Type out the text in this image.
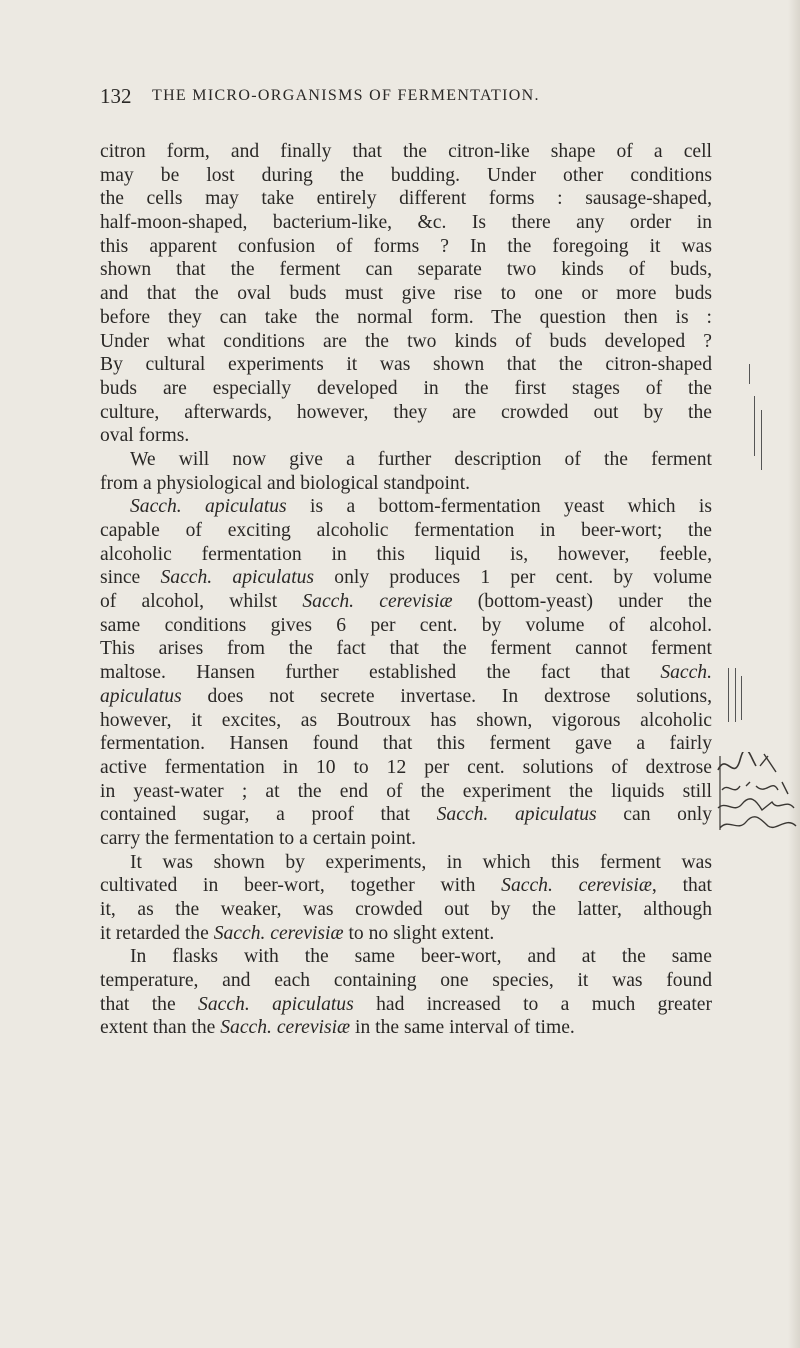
132 THE MICRO-ORGANISMS OF FERMENTATION.
citron form, and finally that the citron-like shape of a cell
may be lost during the budding. Under other conditions
the cells may take entirely different forms : sausage-shaped,
half-moon-shaped, bacterium-like, &c. Is there any order in
this apparent confusion of forms ? In the foregoing it was
shown that the ferment can separate two kinds of buds,
and that the oval buds must give rise to one or more buds
before they can take the normal form. The question then is :
Under what conditions are the two kinds of buds developed ?
By cultural experiments it was shown that the citron-shaped
buds are especially developed in the first stages of the
culture, afterwards, however, they are crowded out by the
oval forms.
We will now give a further description of the ferment
from a physiological and biological standpoint.
Sacch. apiculatus is a bottom-fermentation yeast which is
capable of exciting alcoholic fermentation in beer-wort; the
alcoholic fermentation in this liquid is, however, feeble,
since Sacch. apiculatus only produces 1 per cent. by volume
of alcohol, whilst Sacch. cerevisiæ (bottom-yeast) under the
same conditions gives 6 per cent. by volume of alcohol.
This arises from the fact that the ferment cannot ferment
maltose. Hansen further established the fact that Sacch.
apiculatus does not secrete invertase. In dextrose solutions,
however, it excites, as Boutroux has shown, vigorous alcoholic
fermentation. Hansen found that this ferment gave a fairly
active fermentation in 10 to 12 per cent. solutions of dextrose
in yeast-water ; at the end of the experiment the liquids still
contained sugar, a proof that Sacch. apiculatus can only
carry the fermentation to a certain point.
It was shown by experiments, in which this ferment was
cultivated in beer-wort, together with Sacch. cerevisiæ, that
it, as the weaker, was crowded out by the latter, although
it retarded the Sacch. cerevisiæ to no slight extent.
In flasks with the same beer-wort, and at the same
temperature, and each containing one species, it was found
that the Sacch. apiculatus had increased to a much greater
extent than the Sacch. cerevisiæ in the same interval of time.
